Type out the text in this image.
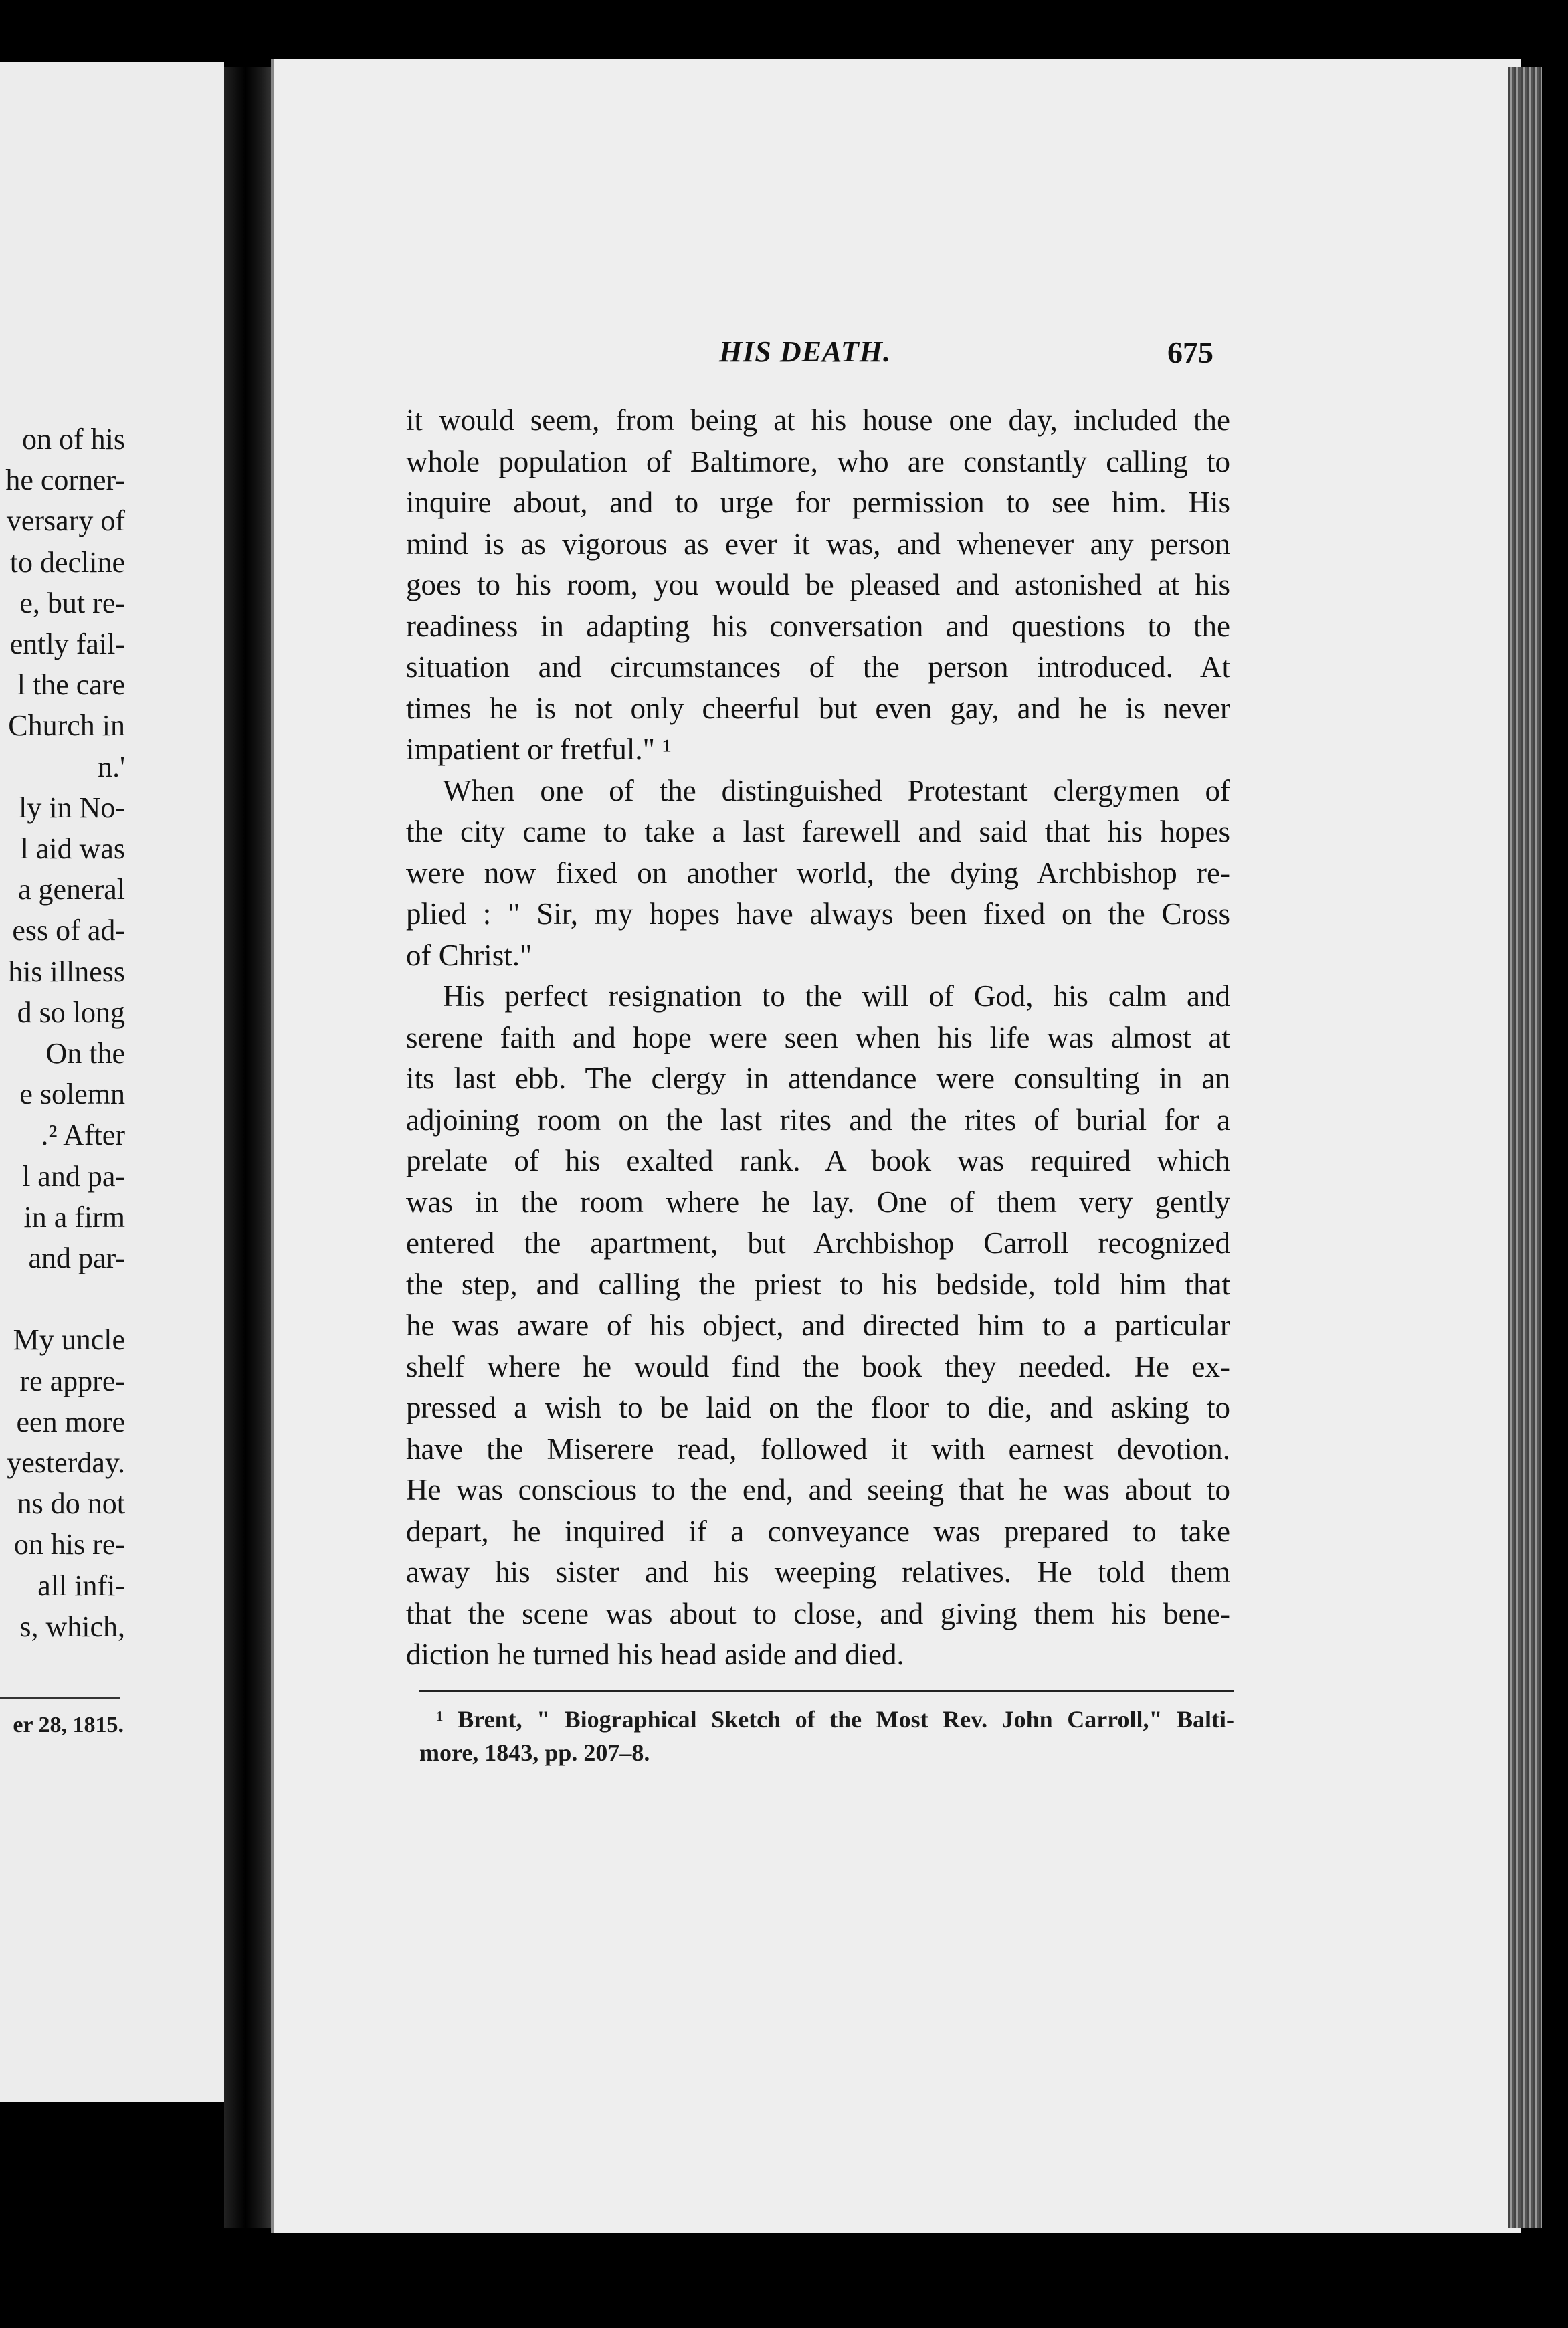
on of his
he corner-
versary of
to decline
e, but re-
ently fail-
l the care
Church in
n.'
ly in No-
l aid was
a general
ess of ad-
his illness
d so long
On the
e solemn
.² After
l and pa-
in a firm
and par-
My uncle
re appre-
een more
yesterday.
ns do not
on his re-
all infi-
s, which,
er 28, 1815.
HIS DEATH.	675
it would seem, from being at his house one day, included the
whole population of Baltimore, who are constantly calling to
inquire about, and to urge for permission to see him. His
mind is as vigorous as ever it was, and whenever any person
goes to his room, you would be pleased and astonished at his
readiness in adapting his conversation and questions to the
situation and circumstances of the person introduced. At
times he is not only cheerful but even gay, and he is never
impatient or fretful." ¹
When one of the distinguished Protestant clergymen of
the city came to take a last farewell and said that his hopes
were now fixed on another world, the dying Archbishop re-
plied : " Sir, my hopes have always been fixed on the Cross
of Christ."
His perfect resignation to the will of God, his calm and
serene faith and hope were seen when his life was almost at
its last ebb. The clergy in attendance were consulting in an
adjoining room on the last rites and the rites of burial for a
prelate of his exalted rank. A book was required which
was in the room where he lay. One of them very gently
entered the apartment, but Archbishop Carroll recognized
the step, and calling the priest to his bedside, told him that
he was aware of his object, and directed him to a particular
shelf where he would find the book they needed. He ex-
pressed a wish to be laid on the floor to die, and asking to
have the Miserere read, followed it with earnest devotion.
He was conscious to the end, and seeing that he was about to
depart, he inquired if a conveyance was prepared to take
away his sister and his weeping relatives. He told them
that the scene was about to close, and giving them his bene-
diction he turned his head aside and died.
¹ Brent, " Biographical Sketch of the Most Rev. John Carroll," Balti-
more, 1843, pp. 207–8.
